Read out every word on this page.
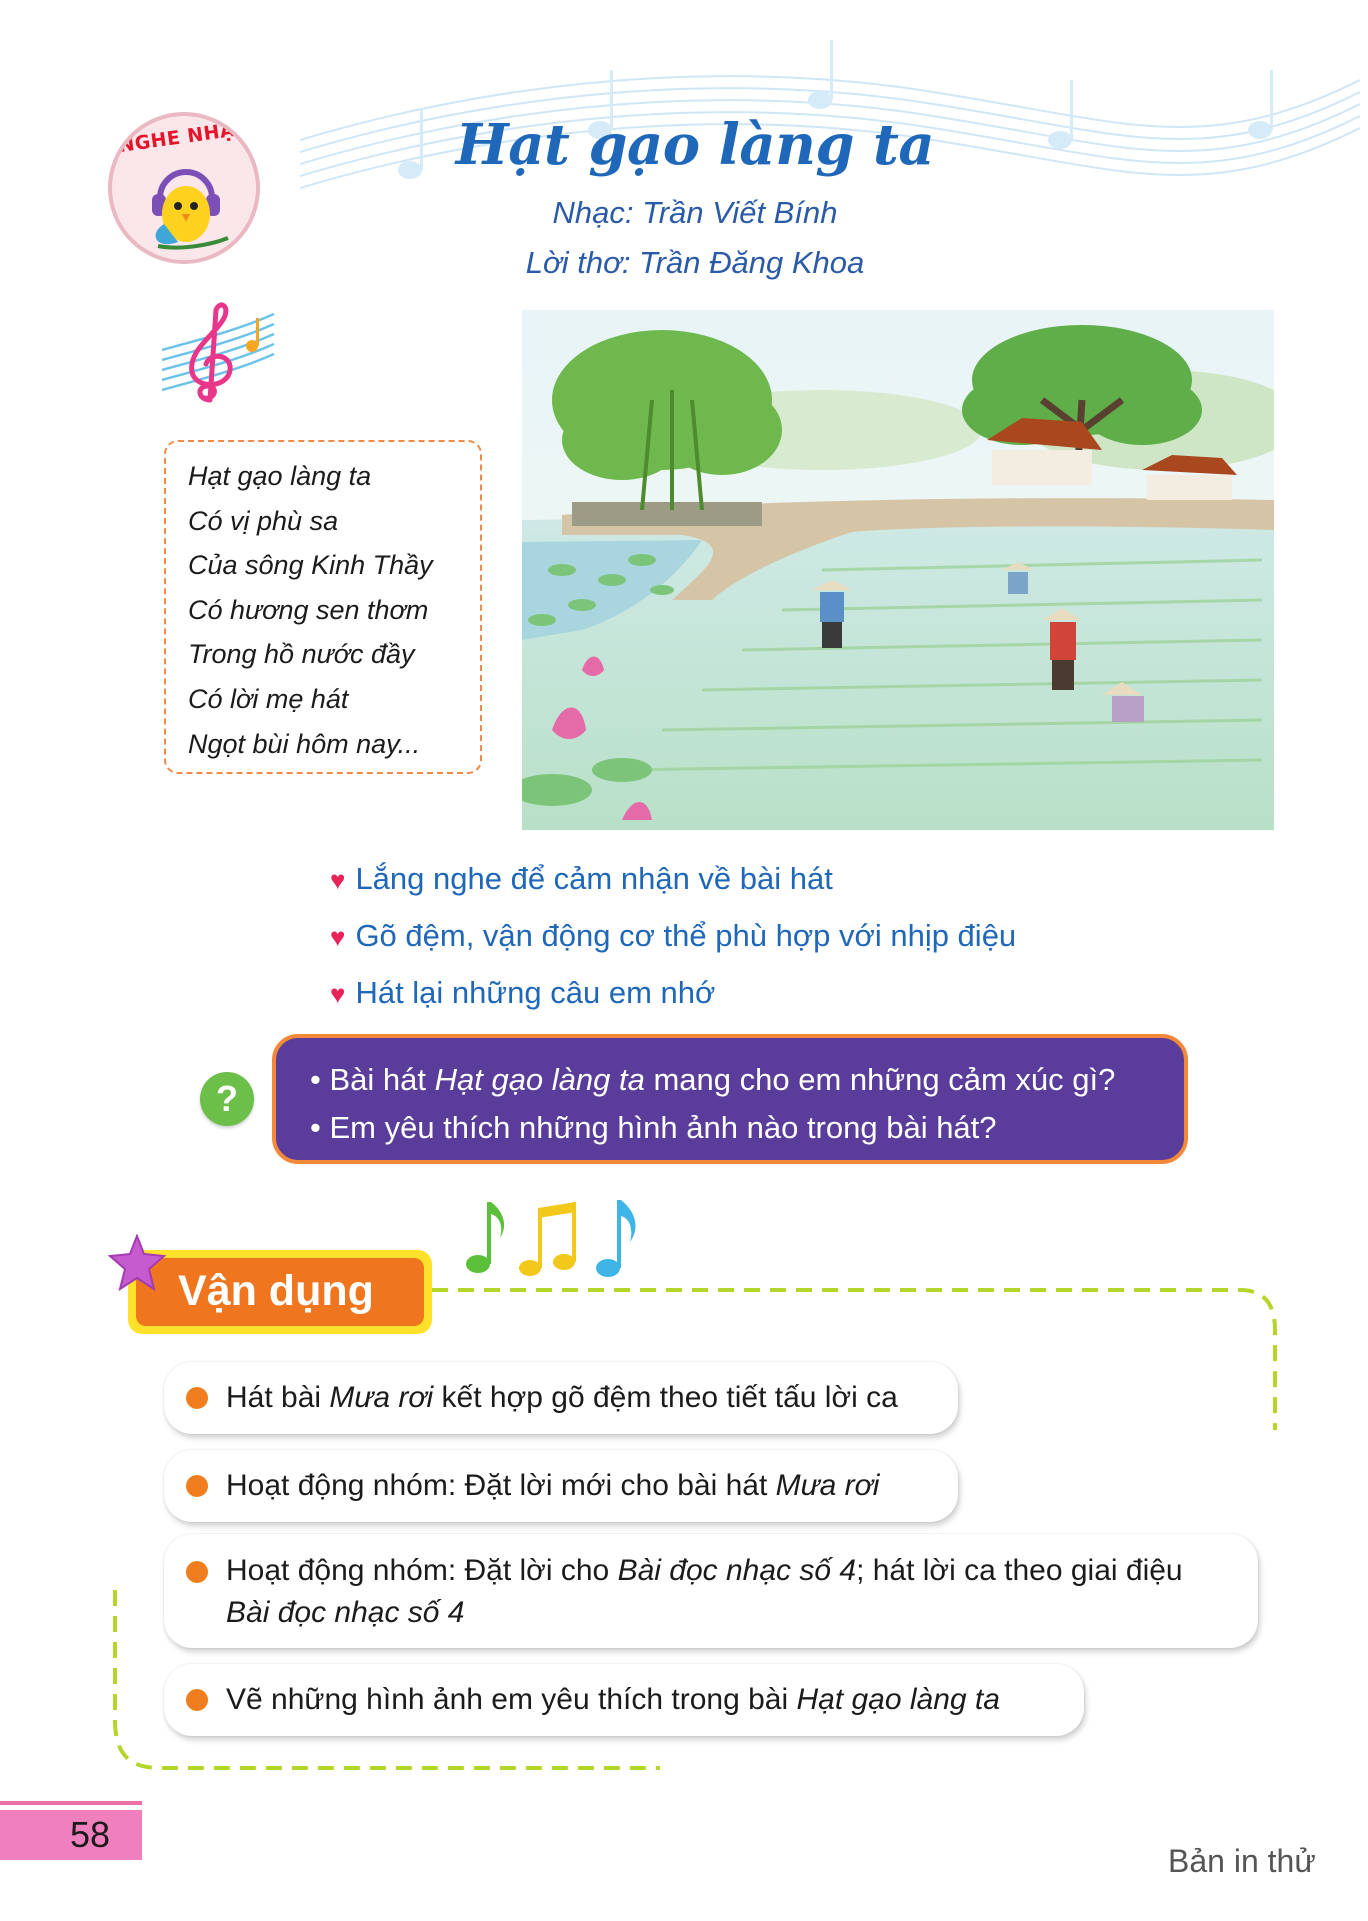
NGHE NHẠC	Hạt gạo làng ta
Nhạc: Trần Viết Bính
Lời thơ: Trần Đăng Khoa
Hạt gạo làng ta
Có vị phù sa
Của sông Kinh Thầy
Có hương sen thơm
Trong hồ nước đầy
Có lời mẹ hát
Ngọt bùi hôm nay...
♥ Lắng nghe để cảm nhận về bài hát
♥ Gõ đệm, vận động cơ thể phù hợp với nhịp điệu
♥ Hát lại những câu em nhớ
?	• Bài hát Hạt gạo làng ta mang cho em những cảm xúc gì?
• Em yêu thích những hình ảnh nào trong bài hát?
Vận dụng
Hát bài Mưa rơi kết hợp gõ đệm theo tiết tấu lời ca
Hoạt động nhóm: Đặt lời mới cho bài hát Mưa rơi
Hoạt động nhóm: Đặt lời cho Bài đọc nhạc số 4; hát lời ca theo giai điệu
Bài đọc nhạc số 4
Vẽ những hình ảnh em yêu thích trong bài Hạt gạo làng ta
58
Bản in thử
